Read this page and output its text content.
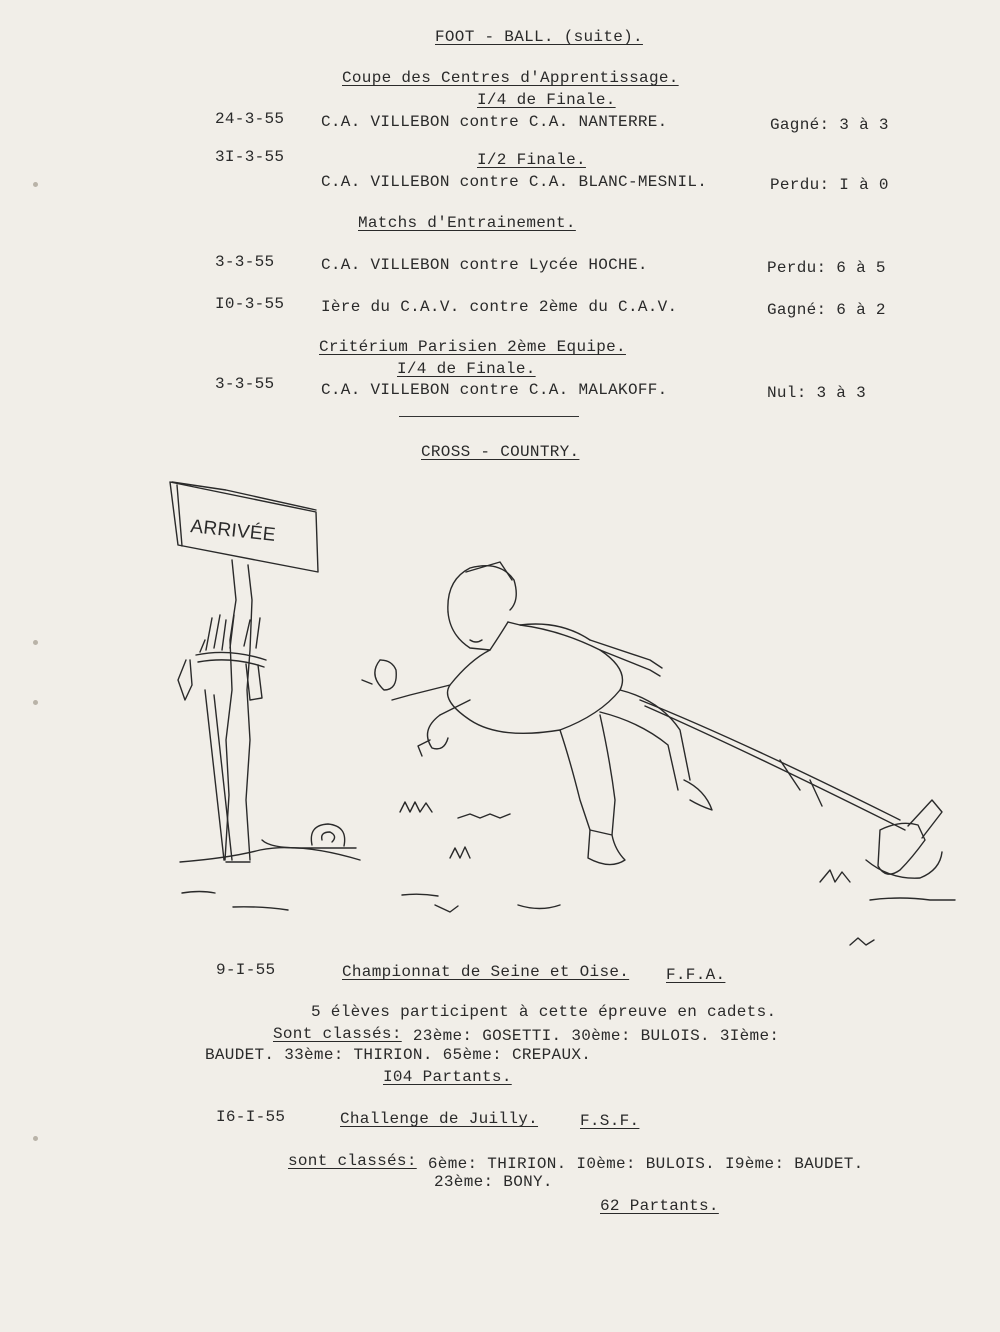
FOOT - BALL. (suite).
Coupe des Centres d'Apprentissage.
I/4 de Finale.
24-3-55 C.A. VILLEBON contre C.A. NANTERRE.	Gagné: 3 à 3
3I-3-55	I/2 Finale.
C.A. VILLEBON contre C.A. BLANC-MESNIL.	Perdu: I à 0
Matchs d'Entrainement.
3-3-55	C.A. VILLEBON contre Lycée HOCHE.	Perdu: 6 à 5
I0-3-55 Ière du C.A.V. contre 2ème du C.A.V.	Gagné: 6 à 2
Critérium Parisien 2ème Equipe.
I/4 de Finale.
3-3-55	C.A. VILLEBON contre C.A. MALAKOFF.	Nul: 3 à 3
CROSS - COUNTRY.
ARRIVÉE
9-I-55	Championnat de Seine et Oise. F.F.A.
5 élèves participent à cette épreuve en cadets.
Sont classés: 23ème: GOSETTI. 30ème: BULOIS. 3Ième:
BAUDET. 33ème: THIRION. 65ème: CREPAUX.
I04 Partants.
I6-I-55	Challenge de Juilly.	F.S.F.
sont classés: 6ème: THIRION. I0ème: BULOIS. I9ème: BAUDET.
23ème: BONY.
62 Partants.
